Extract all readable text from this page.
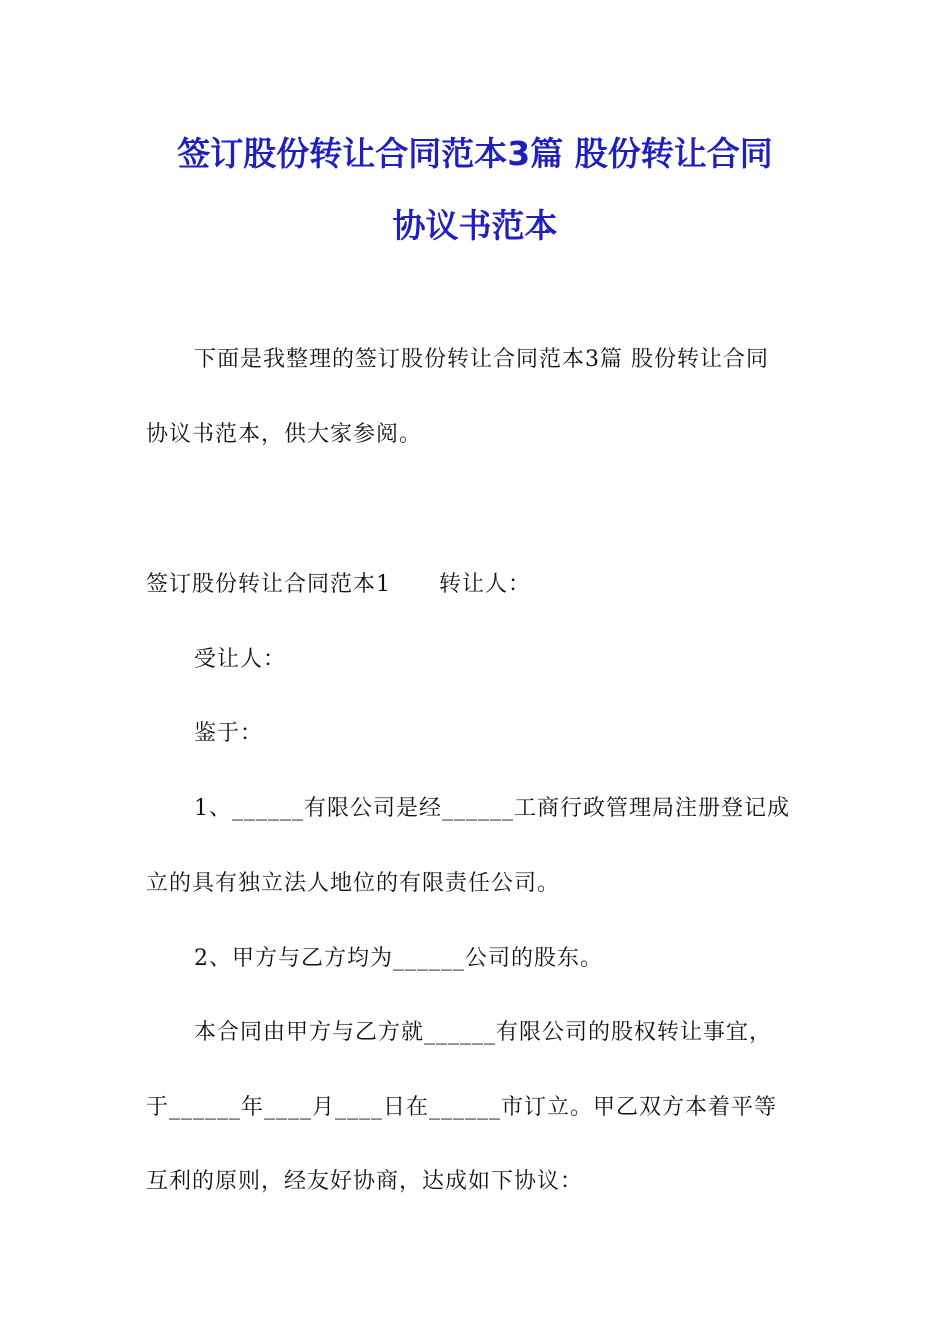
签订股份转让合同范本3篇 股份转让合同
协议书范本
下面是我整理的签订股份转让合同范本3篇 股份转让合同
协议书范本，供大家参阅。
签订股份转让合同范本1 转让人：
受让人：
鉴于：
1、______有限公司是经______工商行政管理局注册登记成
立的具有独立法人地位的有限责任公司。
2、甲方与乙方均为______公司的股东。
本合同由甲方与乙方就______有限公司的股权转让事宜，
于______年____月____日在______市订立。甲乙双方本着平等
互利的原则，经友好协商，达成如下协议：
